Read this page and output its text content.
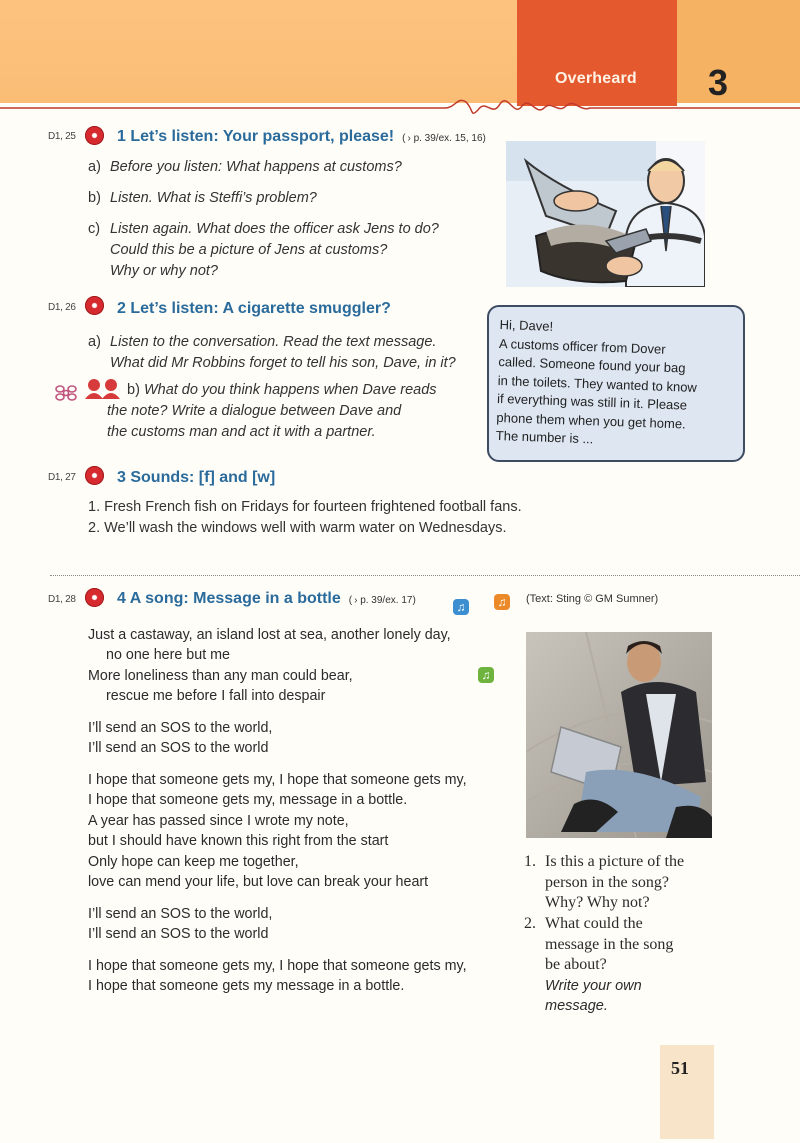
Overheard 3
D1, 25	1 Let’s listen: Your passport, please! ( › p. 39/ex. 15, 16)
a) Before you listen: What happens at customs?
b) Listen. What is Steffi’s problem?
c) Listen again. What does the officer ask Jens to do?
Could this be a picture of Jens at customs?
Why or why not?
D1, 26	2 Let’s listen: A cigarette smuggler?
a) Listen to the conversation. Read the text message.
What did Mr Robbins forget to tell his son, Dave, in it?
b) What do you think happens when Dave reads
the note? Write a dialogue between Dave and
the customs man and act it with a partner.
Hi, Dave!
A customs officer from Dover
called. Someone found your bag
in the toilets. They wanted to know
if everything was still in it. Please
phone them when you get home.
The number is ...
D1, 27	3 Sounds: [f] and [w]
1. Fresh French fish on Fridays for fourteen frightened football fans.
2. We’ll wash the windows well with warm water on Wednesdays.
D1, 28	4 A song: Message in a bottle ( › p. 39/ex. 17)	♫	♫
♫
(Text: Sting © GM Sumner)
Just a castaway, an island lost at sea, another lonely day,
no one here but me
More loneliness than any man could bear,
rescue me before I fall into despair
I’ll send an SOS to the world,
I’ll send an SOS to the world
I hope that someone gets my, I hope that someone gets my,
I hope that someone gets my, message in a bottle.
A year has passed since I wrote my note,
but I should have known this right from the start
Only hope can keep me together,
love can mend your life, but love can break your heart
I’ll send an SOS to the world,
I’ll send an SOS to the world
I hope that someone gets my, I hope that someone gets my,
I hope that someone gets my message in a bottle.
1. Is this a picture of the
person in the song?
Why? Why not?
2. What could the
message in the song
be about?
Write your own
message.
51
